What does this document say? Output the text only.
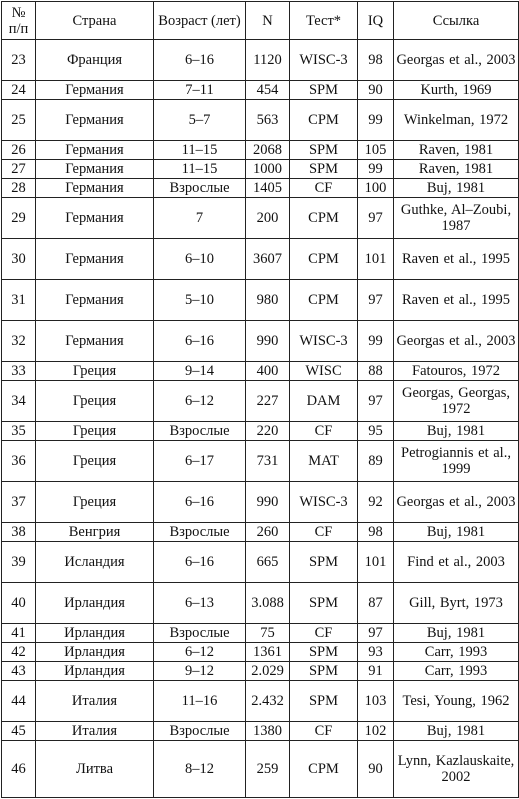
№ п/п	Страна	Возраст (лет)	N	Тест*	IQ	Ссылка
23	Франция	6–16	1120	WISC-3	98	Georgas et al., 2003
24	Германия	7–11	454	SPM	90	Kurth, 1969
25	Германия	5–7	563	CPM	99	Winkelman, 1972
26	Германия	11–15	2068	SPM	105	Raven, 1981
27	Германия	11–15	1000	SPM	99	Raven, 1981
28	Германия	Взрослые	1405	CF	100	Buj, 1981
29	Германия	7	200	CPM	97	Guthke, Al–Zoubi, 1987
30	Германия	6–10	3607	CPM	101	Raven et al., 1995
31	Германия	5–10	980	CPM	97	Raven et al., 1995
32	Германия	6–16	990	WISC-3	99	Georgas et al., 2003
33	Греция	9–14	400	WISC	88	Fatouros, 1972
34	Греция	6–12	227	DAM	97	Georgas, Georgas, 1972
35	Греция	Взрослые	220	CF	95	Buj, 1981
36	Греция	6–17	731	MAT	89	Petrogiannis et al., 1999
37	Греция	6–16	990	WISC-3	92	Georgas et al., 2003
38	Венгрия	Взрослые	260	CF	98	Buj, 1981
39	Исландия	6–16	665	SPM	101	Find et al., 2003
40	Ирландия	6–13	3.088	SPM	87	Gill, Byrt, 1973
41	Ирландия	Взрослые	75	CF	97	Buj, 1981
42	Ирландия	6–12	1361	SPM	93	Carr, 1993
43	Ирландия	9–12	2.029	SPM	91	Carr, 1993
44	Италия	11–16	2.432	SPM	103	Tesi, Young, 1962
45	Италия	Взрослые	1380	CF	102	Buj, 1981
46	Литва	8–12	259	CPM	90	Lynn, Kazlauskaite, 2002
